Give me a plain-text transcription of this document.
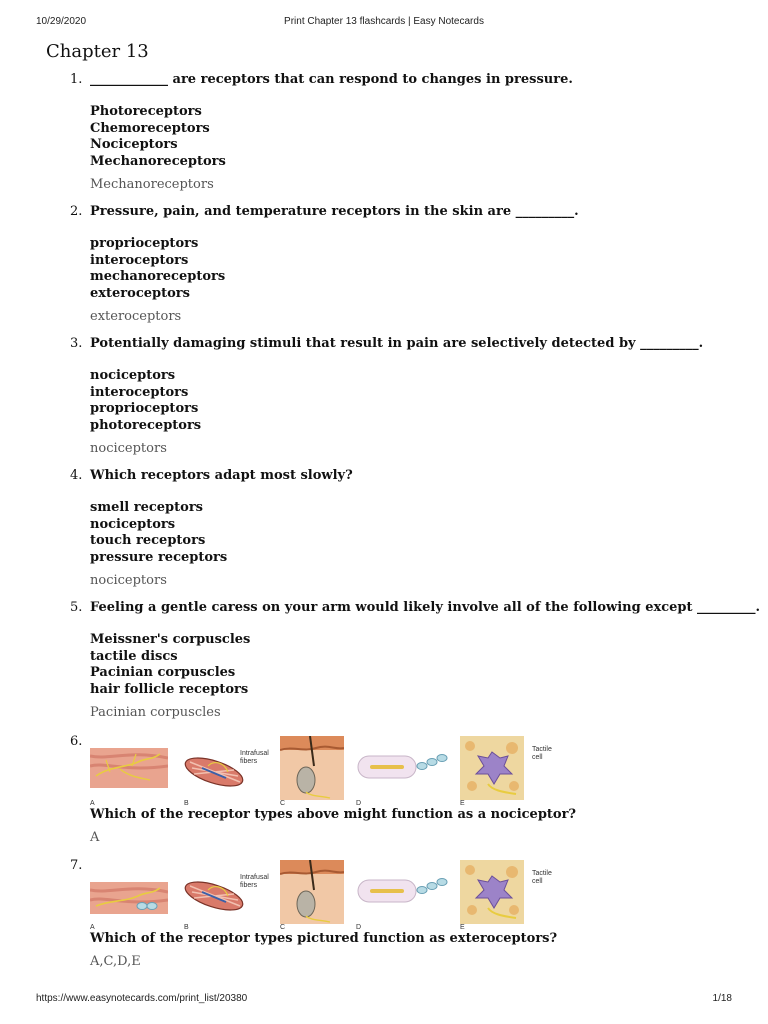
10/29/2020	Print Chapter 13 flashcards | Easy Notecards
Chapter 13
1. ____________ are receptors that can respond to changes in pressure.
Photoreceptors
Chemoreceptors
Nociceptors
Mechanoreceptors
Mechanoreceptors
2. Pressure, pain, and temperature receptors in the skin are _________.
proprioceptors
interoceptors
mechanoreceptors
exteroceptors
exteroceptors
3. Potentially damaging stimuli that result in pain are selectively detected by _________.
nociceptors
interoceptors
proprioceptors
photoreceptors
nociceptors
4. Which receptors adapt most slowly?
smell receptors
nociceptors
touch receptors
pressure receptors
nociceptors
5. Feeling a gentle caress on your arm would likely involve all of the following except _________.
Meissner's corpuscles
tactile discs
Pacinian corpuscles
hair follicle receptors
Pacinian corpuscles
6.
A	B
Intrafusal
fibers
C	D	E
Tactile
cell
Which of the receptor types above might function as a nociceptor?
A
7.
A	B
Intrafusal
fibers
C	D	E
Tactile
cell
Which of the receptor types pictured function as exteroceptors?
A,C,D,E
https://www.easynotecards.com/print_list/20380	1/18
